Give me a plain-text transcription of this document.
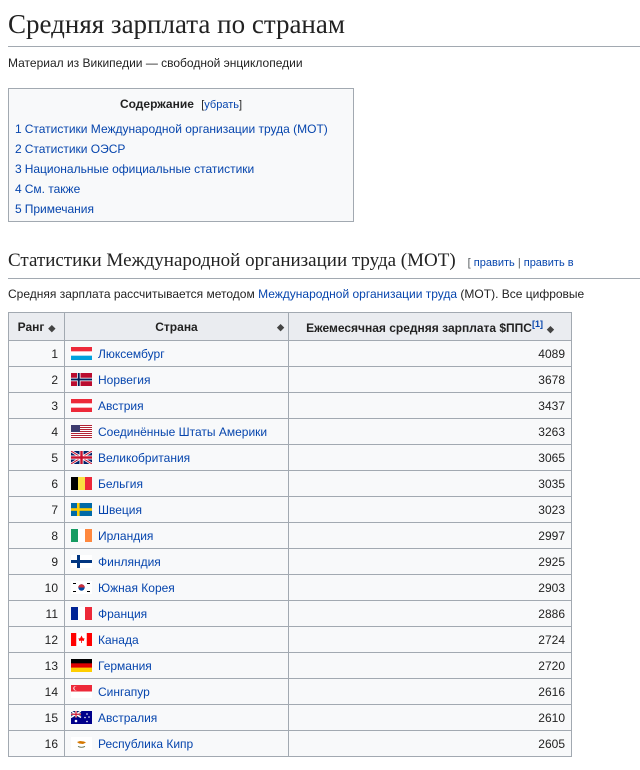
Средняя зарплата по странам
Материал из Википедии — свободной энциклопедии
Содержание [убрать]
1 Статистики Международной организации труда (МОТ)
2 Статистики ОЭСР
3 Национальные официальные статистики
4 См. также
5 Примечания
Статистики Международной организации труда (МОТ) [ править | править в
Средняя зарплата рассчитывается методом Международной организации труда (МОТ). Все цифровые
Ранг ◆	Страна ◆	Ежемесячная средняя зарплата $ППС[1] ◆
1	Люксембург	4089
2	Норвегия	3678
3	Австрия	3437
4	Соединённые Штаты Америки	3263
5	Великобритания	3065
6	Бельгия	3035
7	Швеция	3023
8	Ирландия	2997
9	Финляндия	2925
10	Южная Корея	2903
11	Франция	2886
12	Канада	2724
13	Германия	2720
14	Сингапур	2616
15	Австралия	2610
16	Республика Кипр	2605
